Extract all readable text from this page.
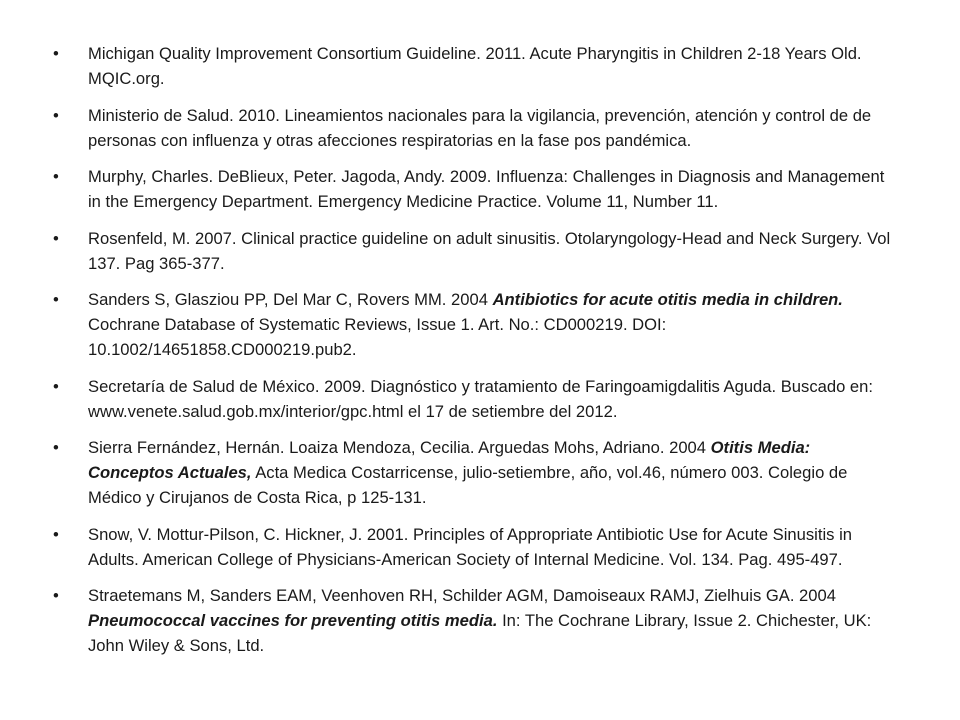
Michigan Quality Improvement Consortium Guideline. 2011. Acute Pharyngitis in Children 2-18 Years Old. MQIC.org.
Ministerio de Salud. 2010. Lineamientos nacionales para la vigilancia, prevención, atención y control de de personas con influenza y otras afecciones respiratorias en la fase pos pandémica.
Murphy, Charles. DeBlieux, Peter. Jagoda, Andy. 2009. Influenza: Challenges in Diagnosis and Management in the Emergency Department. Emergency Medicine Practice. Volume 11, Number 11.
Rosenfeld, M. 2007. Clinical practice guideline on adult sinusitis. Otolaryngology-Head and Neck Surgery. Vol 137. Pag 365-377.
Sanders S, Glasziou PP, Del Mar C, Rovers MM. 2004 Antibiotics for acute otitis media in children. Cochrane Database of Systematic Reviews, Issue 1. Art. No.: CD000219. DOI: 10.1002/14651858.CD000219.pub2.
Secretaría de Salud de México. 2009. Diagnóstico y tratamiento de Faringoamigdalitis Aguda. Buscado en: www.venete.salud.gob.mx/interior/gpc.html el 17 de setiembre del 2012.
Sierra Fernández, Hernán. Loaiza Mendoza, Cecilia. Arguedas Mohs, Adriano. 2004 Otitis Media: Conceptos Actuales, Acta Medica Costarricense, julio-setiembre, año, vol.46, número 003. Colegio de Médico y Cirujanos de Costa Rica, p 125-131.
Snow, V. Mottur-Pilson, C. Hickner, J. 2001. Principles of Appropriate Antibiotic Use for Acute Sinusitis in Adults. American College of Physicians-American Society of Internal Medicine. Vol. 134. Pag. 495-497.
Straetemans M, Sanders EAM, Veenhoven RH, Schilder AGM, Damoiseaux RAMJ, Zielhuis GA. 2004 Pneumococcal vaccines for preventing otitis media. In: The Cochrane Library, Issue 2. Chichester, UK: John Wiley & Sons, Ltd.
